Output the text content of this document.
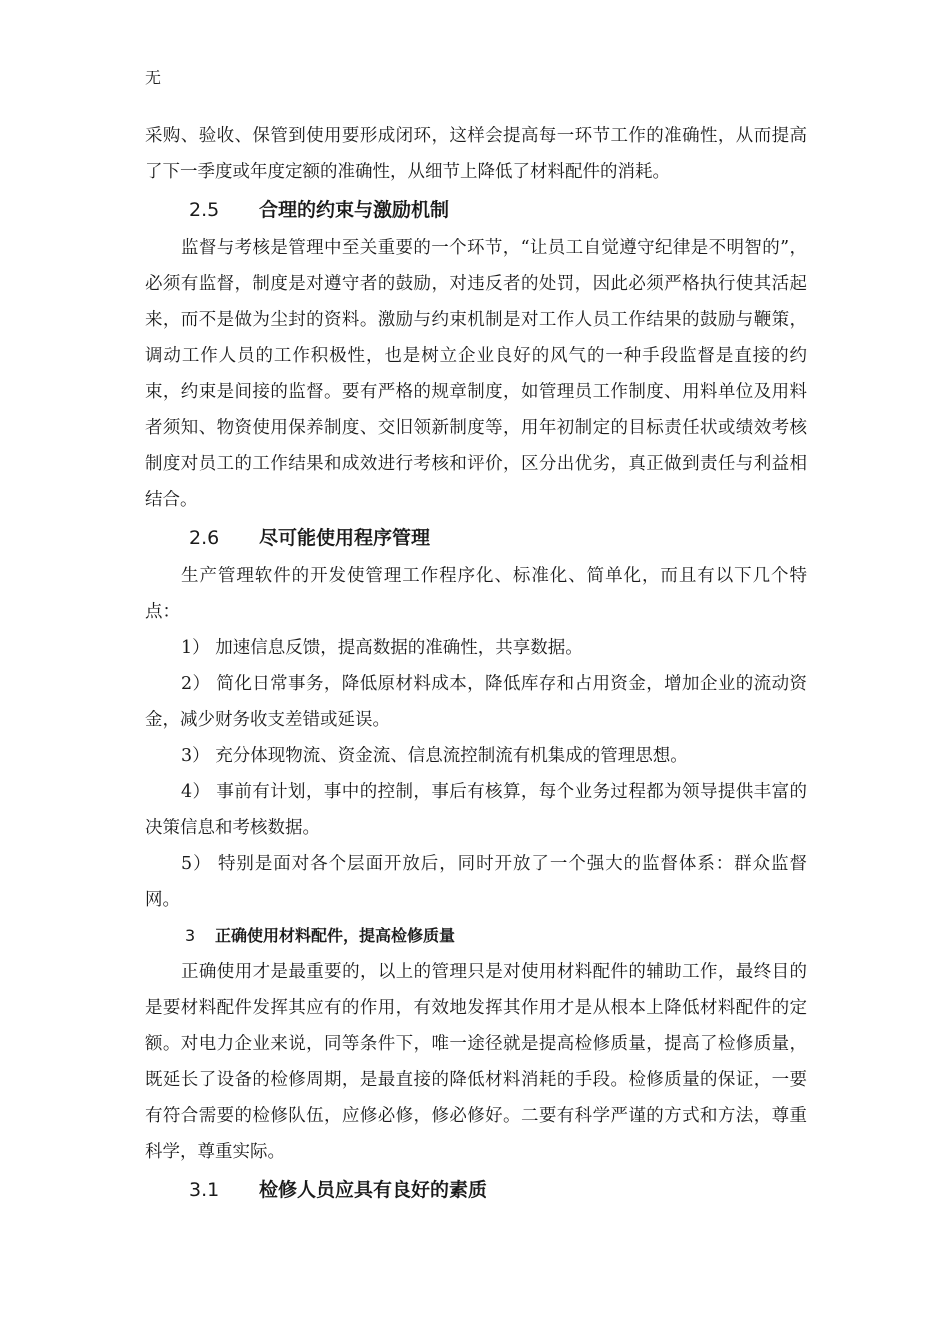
无

采购、验收、保管到使用要形成闭环，这样会提高每一环节工作的准确性，从而提高了下一季度或年度定额的准确性，从细节上降低了材料配件的消耗。

2.5 合理的约束与激励机制

监督与考核是管理中至关重要的一个环节，“让员工自觉遵守纪律是不明智的”，必须有监督，制度是对遵守者的鼓励，对违反者的处罚，因此必须严格执行使其活起来，而不是做为尘封的资料。激励与约束机制是对工作人员工作结果的鼓励与鞭策，调动工作人员的工作积极性，也是树立企业良好的风气的一种手段监督是直接的约束，约束是间接的监督。要有严格的规章制度，如管理员工作制度、用料单位及用料者须知、物资使用保养制度、交旧领新制度等，用年初制定的目标责任状或绩效考核制度对员工的工作结果和成效进行考核和评价，区分出优劣，真正做到责任与利益相结合。

2.6 尽可能使用程序管理

生产管理软件的开发使管理工作程序化、标准化、简单化，而且有以下几个特点：

1） 加速信息反馈，提高数据的准确性，共享数据。

2） 简化日常事务，降低原材料成本，降低库存和占用资金，增加企业的流动资金，减少财务收支差错或延误。

3） 充分体现物流、资金流、信息流控制流有机集成的管理思想。

4） 事前有计划，事中的控制，事后有核算，每个业务过程都为领导提供丰富的决策信息和考核数据。

5） 特别是面对各个层面开放后，同时开放了一个强大的监督体系：群众监督网。

3 正确使用材料配件，提高检修质量

正确使用才是最重要的，以上的管理只是对使用材料配件的辅助工作，最终目的是要材料配件发挥其应有的作用，有效地发挥其作用才是从根本上降低材料配件的定额。对电力企业来说，同等条件下，唯一途径就是提高检修质量，提高了检修质量，既延长了设备的检修周期，是最直接的降低材料消耗的手段。检修质量的保证，一要有符合需要的检修队伍，应修必修，修必修好。二要有科学严谨的方式和方法，尊重科学，尊重实际。

3.1 检修人员应具有良好的素质
